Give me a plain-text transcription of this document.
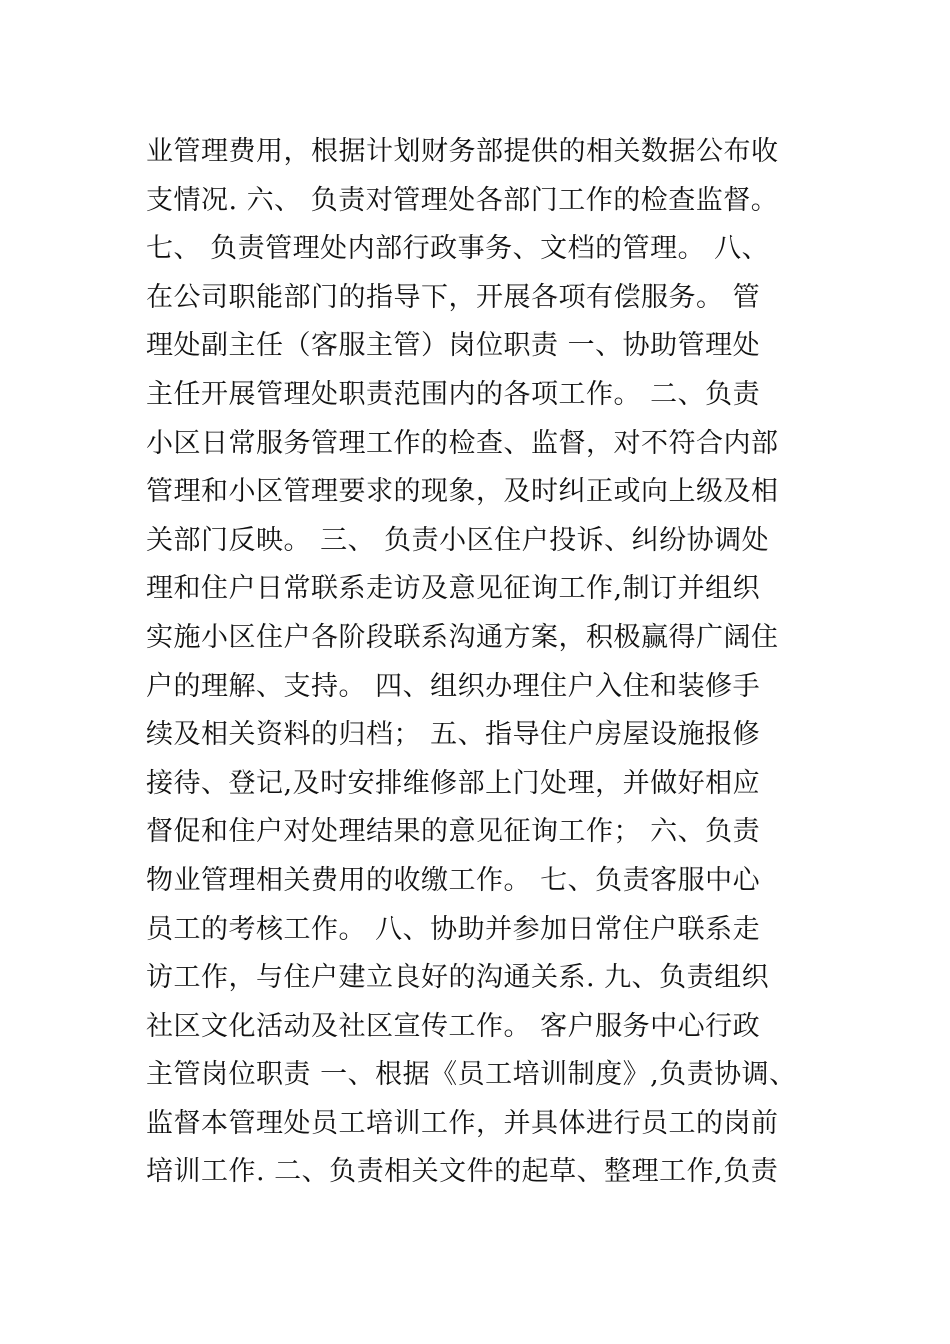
业管理费用，根据计划财务部提供的相关数据公布收
支情况. 六、 负责对管理处各部门工作的检查监督。
七、 负责管理处内部行政事务、文档的管理。 八、
在公司职能部门的指导下，开展各项有偿服务。 管
理处副主任（客服主管）岗位职责 一、协助管理处
主任开展管理处职责范围内的各项工作。 二、负责
小区日常服务管理工作的检查、监督，对不符合内部
管理和小区管理要求的现象，及时纠正或向上级及相
关部门反映。 三、 负责小区住户投诉、纠纷协调处
理和住户日常联系走访及意见征询工作,制订并组织
实施小区住户各阶段联系沟通方案，积极赢得广阔住
户的理解、支持。 四、组织办理住户入住和装修手
续及相关资料的归档； 五、指导住户房屋设施报修
接待、登记,及时安排维修部上门处理，并做好相应
督促和住户对处理结果的意见征询工作； 六、负责
物业管理相关费用的收缴工作。 七、负责客服中心
员工的考核工作。 八、协助并参加日常住户联系走
访工作，与住户建立良好的沟通关系. 九、负责组织
社区文化活动及社区宣传工作。 客户服务中心行政
主管岗位职责 一、根据《员工培训制度》,负责协调、
监督本管理处员工培训工作，并具体进行员工的岗前
培训工作. 二、负责相关文件的起草、整理工作,负责
